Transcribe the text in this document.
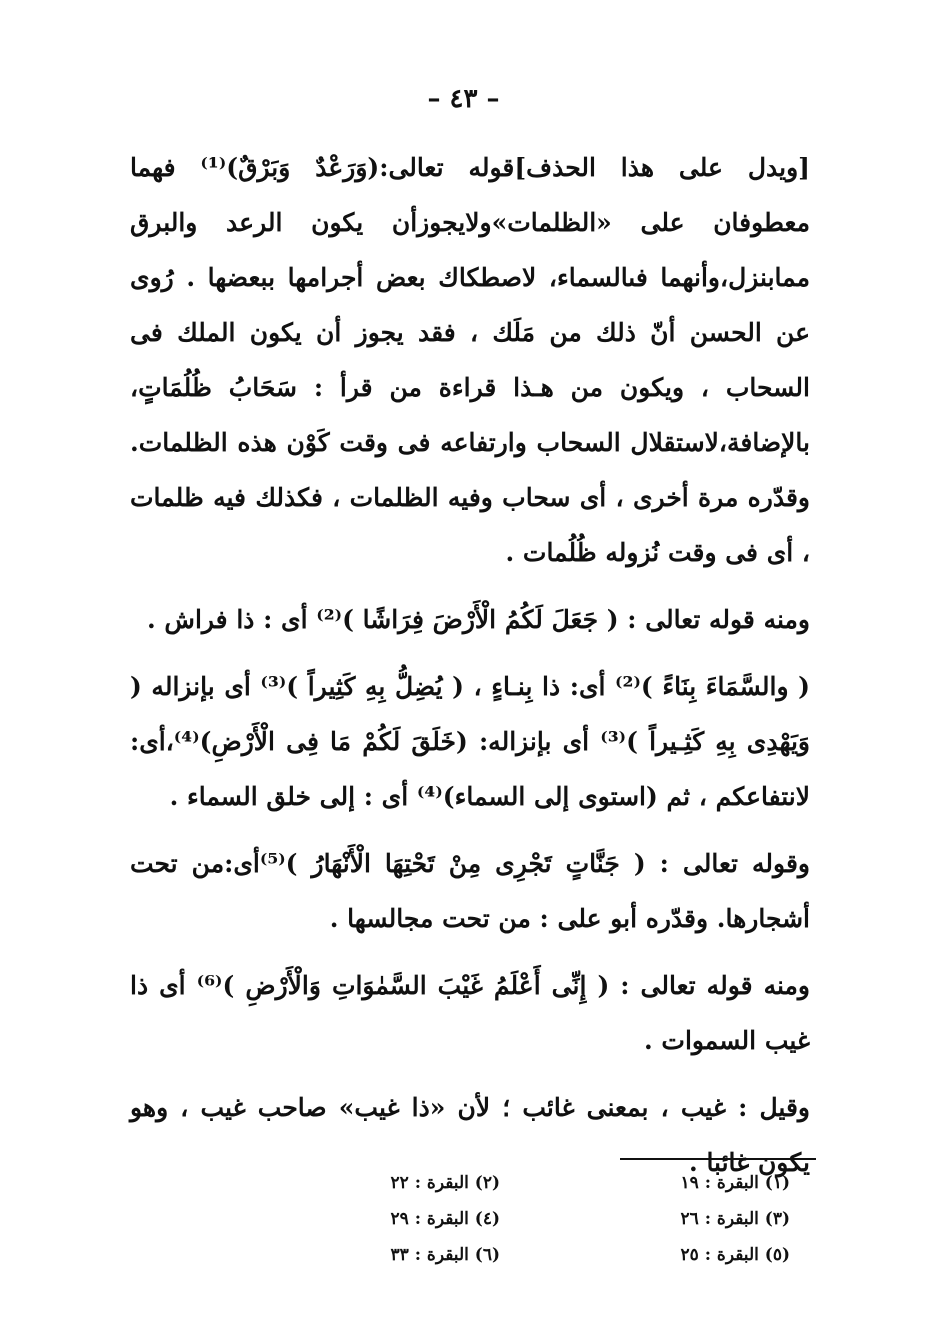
– ٤٣ –

[ويدل على هذا الحذف]قوله تعالى:(وَرَعْدٌ وَبَرْقٌ)⁽¹⁾ فهما معطوفان على «الظلمات»ولايجوزأن يكون الرعد والبرق ممابنزل،وأنهما فىالسماء، لاصطكاك بعض أجرامها ببعضها . رُوى عن الحسن أنّ ذلك من مَلَك ، فقد يجوز أن يكون الملك فى السحاب ، ويكون من هـذا قراءة من قرأ : سَحَابُ ظُلُمَاتٍ، بالإضافة،لاستقلال السحاب وارتفاعه فى وقت كَوْن هذه الظلمات. وقدّره مرة أخرى ، أى سحاب وفيه الظلمات ، فكذلك فيه ظلمات ، أى فى وقت نُزوله ظُلُمات .

ومنه قوله تعالى : ( جَعَلَ لَكُمُ الْأَرْضَ فِرَاشًا )⁽²⁾ أى : ذا فراش .

( والسَّمَاءَ بِنَاءً )⁽²⁾ أى: ذا بِنـاءٍ ، ( يُضِلُّ بِهِ كَثِيراً )⁽³⁾ أى بإنزاله ( وَيَهْدِى بِهِ كَثِـيراً )⁽³⁾ أى بإنزاله: (خَلَقَ لَكُمْ مَا فِى الْأَرْضِ)⁽⁴⁾،أى: لانتفاعكم ، ثم (استوى إلى السماء)⁽⁴⁾ أى : إلى خلق السماء .

وقوله تعالى : ( جَنَّاتٍ تَجْرِى مِنْ تَحْتِهَا الْأَنْهَارُ )⁽⁵⁾أى:من تحت أشجارها. وقدّره أبو على : من تحت مجالسها .

ومنه قوله تعالى : ( إِنِّى أَعْلَمُ غَيْبَ السَّمٰوَاتِ وَالْأَرْضِ )⁽⁶⁾ أى ذا غيب السموات .

وقيل : غيب ، بمعنى غائب ؛ لأن «ذا غيب» صاحب غيب ، وهو يكون غائبا .

(١) البقرة : ١٩
(٢) البقرة : ٢٢
(٣) البقرة : ٢٦
(٤) البقرة : ٢٩
(٥) البقرة : ٢٥
(٦) البقرة : ٣٣
